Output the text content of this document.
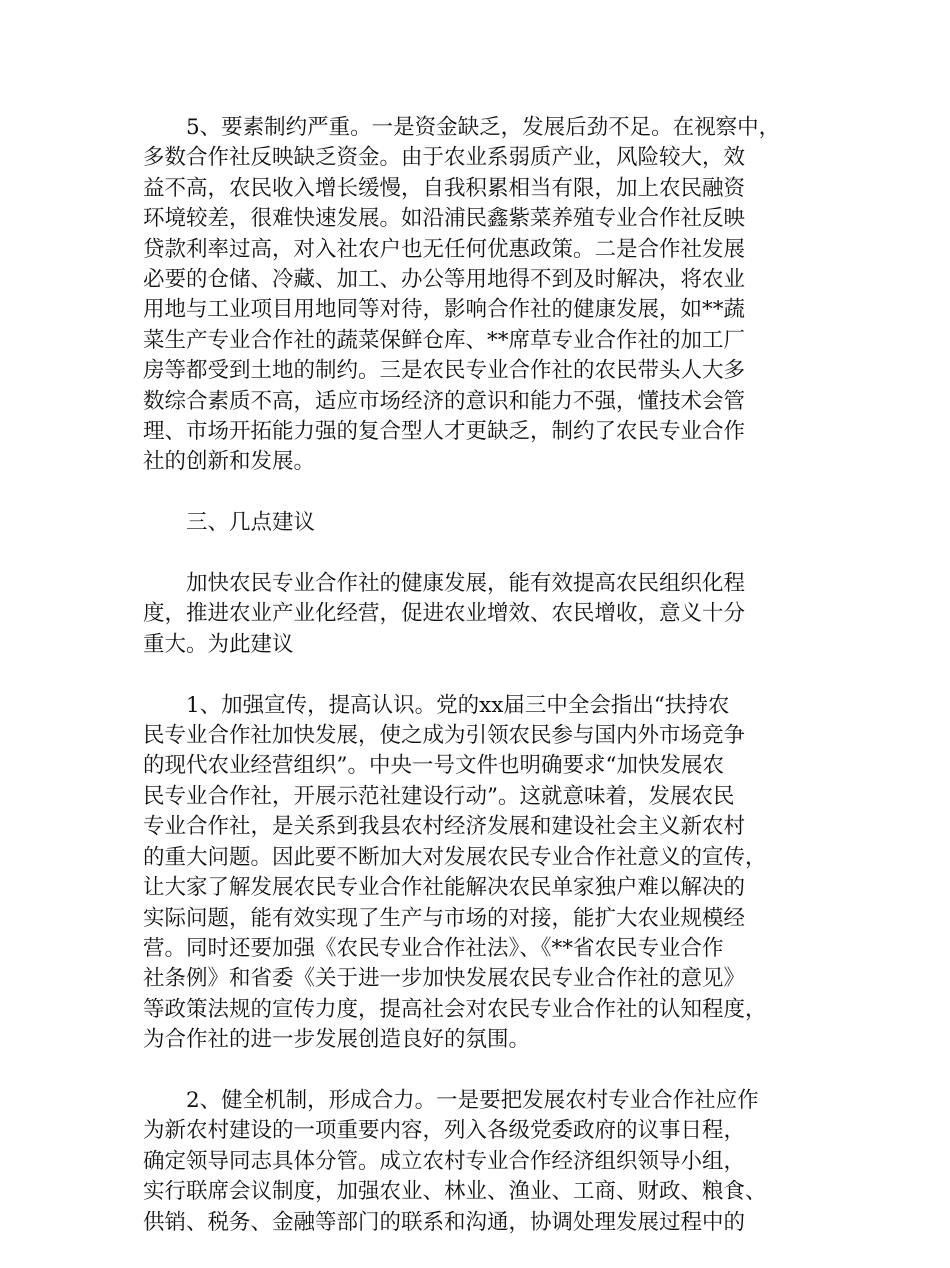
5、要素制约严重。一是资金缺乏，发展后劲不足。在视察中，
多数合作社反映缺乏资金。由于农业系弱质产业，风险较大，效
益不高，农民收入增长缓慢，自我积累相当有限，加上农民融资
环境较差，很难快速发展。如沿浦民鑫紫菜养殖专业合作社反映
贷款利率过高，对入社农户也无任何优惠政策。二是合作社发展
必要的仓储、冷藏、加工、办公等用地得不到及时解决，将农业
用地与工业项目用地同等对待，影响合作社的健康发展，如**蔬
菜生产专业合作社的蔬菜保鲜仓库、**席草专业合作社的加工厂
房等都受到土地的制约。三是农民专业合作社的农民带头人大多
数综合素质不高，适应市场经济的意识和能力不强，懂技术会管
理、市场开拓能力强的复合型人才更缺乏，制约了农民专业合作
社的创新和发展。
三、几点建议
加快农民专业合作社的健康发展，能有效提高农民组织化程
度，推进农业产业化经营，促进农业增效、农民增收，意义十分
重大。为此建议
1、加强宣传，提高认识。党的xx届三中全会指出“扶持农
民专业合作社加快发展，使之成为引领农民参与国内外市场竞争
的现代农业经营组织”。中央一号文件也明确要求“加快发展农
民专业合作社，开展示范社建设行动”。这就意味着，发展农民
专业合作社，是关系到我县农村经济发展和建设社会主义新农村
的重大问题。因此要不断加大对发展农民专业合作社意义的宣传，
让大家了解发展农民专业合作社能解决农民单家独户难以解决的
实际问题，能有效实现了生产与市场的对接，能扩大农业规模经
营。同时还要加强《农民专业合作社法》、《**省农民专业合作
社条例》和省委《关于进一步加快发展农民专业合作社的意见》
等政策法规的宣传力度，提高社会对农民专业合作社的认知程度，
为合作社的进一步发展创造良好的氛围。
2、健全机制，形成合力。一是要把发展农村专业合作社应作
为新农村建设的一项重要内容，列入各级党委政府的议事日程，
确定领导同志具体分管。成立农村专业合作经济组织领导小组，
实行联席会议制度，加强农业、林业、渔业、工商、财政、粮食、
供销、税务、金融等部门的联系和沟通，协调处理发展过程中的
